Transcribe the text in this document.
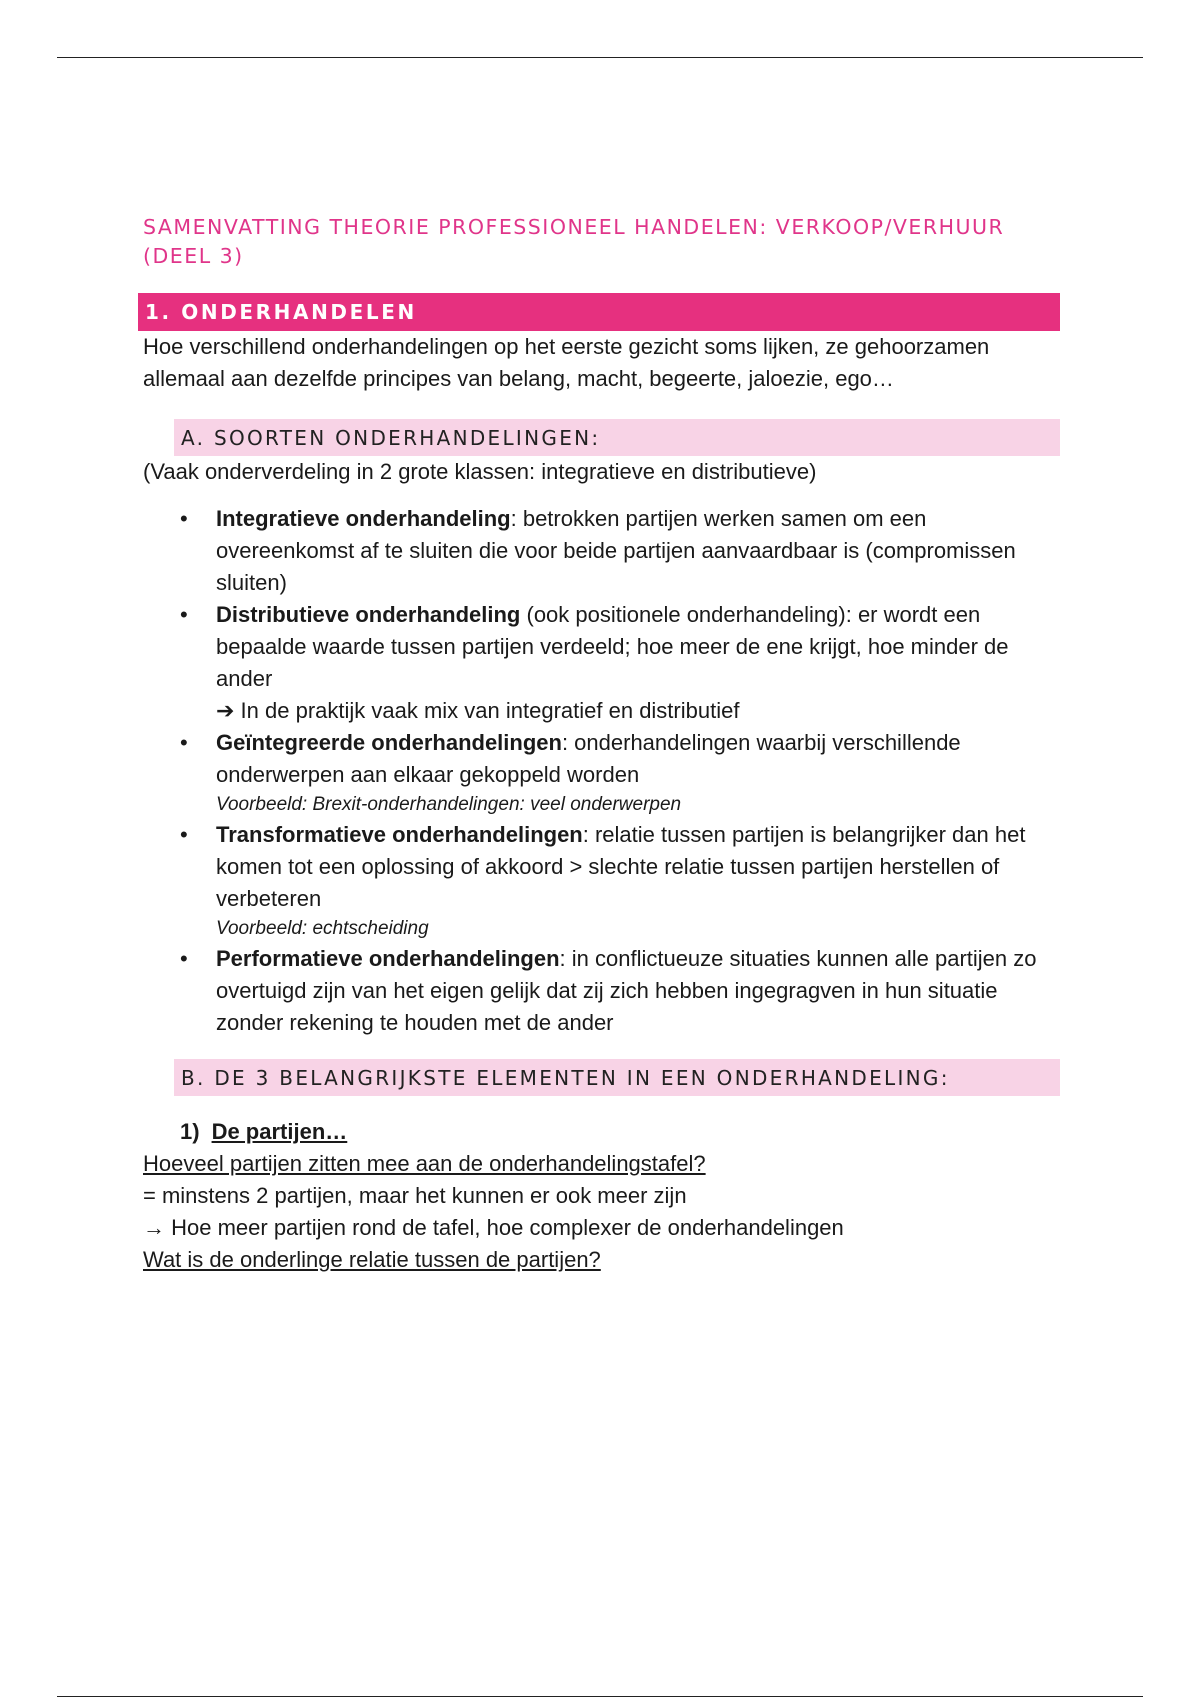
SAMENVATTING THEORIE PROFESSIONEEL HANDELEN: VERKOOP/VERHUUR (DEEL 3)
1. ONDERHANDELEN

Hoe verschillend onderhandelingen op het eerste gezicht soms lijken, ze gehoorzamen allemaal aan dezelfde principes van belang, macht, begeerte, jaloezie, ego…

A. SOORTEN ONDERHANDELINGEN:

(Vaak onderverdeling in 2 grote klassen: integratieve en distributieve)

• Integratieve onderhandeling: betrokken partijen werken samen om een overeenkomst af te sluiten die voor beide partijen aanvaardbaar is (compromissen sluiten)
• Distributieve onderhandeling (ook positionele onderhandeling): er wordt een bepaalde waarde tussen partijen verdeeld; hoe meer de ene krijgt, hoe minder de ander
➔ In de praktijk vaak mix van integratief en distributief
• Geïntegreerde onderhandelingen: onderhandelingen waarbij verschillende onderwerpen aan elkaar gekoppeld worden
Voorbeeld: Brexit-onderhandelingen: veel onderwerpen
• Transformatieve onderhandelingen: relatie tussen partijen is belangrijker dan het komen tot een oplossing of akkoord > slechte relatie tussen partijen herstellen of verbeteren
Voorbeeld: echtscheiding
• Performatieve onderhandelingen: in conflictueuze situaties kunnen alle partijen zo overtuigd zijn van het eigen gelijk dat zij zich hebben ingegragven in hun situatie zonder rekening te houden met de ander
B. DE 3 BELANGRIJKSTE ELEMENTEN IN EEN ONDERHANDELING:
1) De partijen…

Hoeveel partijen zitten mee aan de onderhandelingstafel?

= minstens 2 partijen, maar het kunnen er ook meer zijn

→ Hoe meer partijen rond de tafel, hoe complexer de onderhandelingen

Wat is de onderlinge relatie tussen de partijen?
